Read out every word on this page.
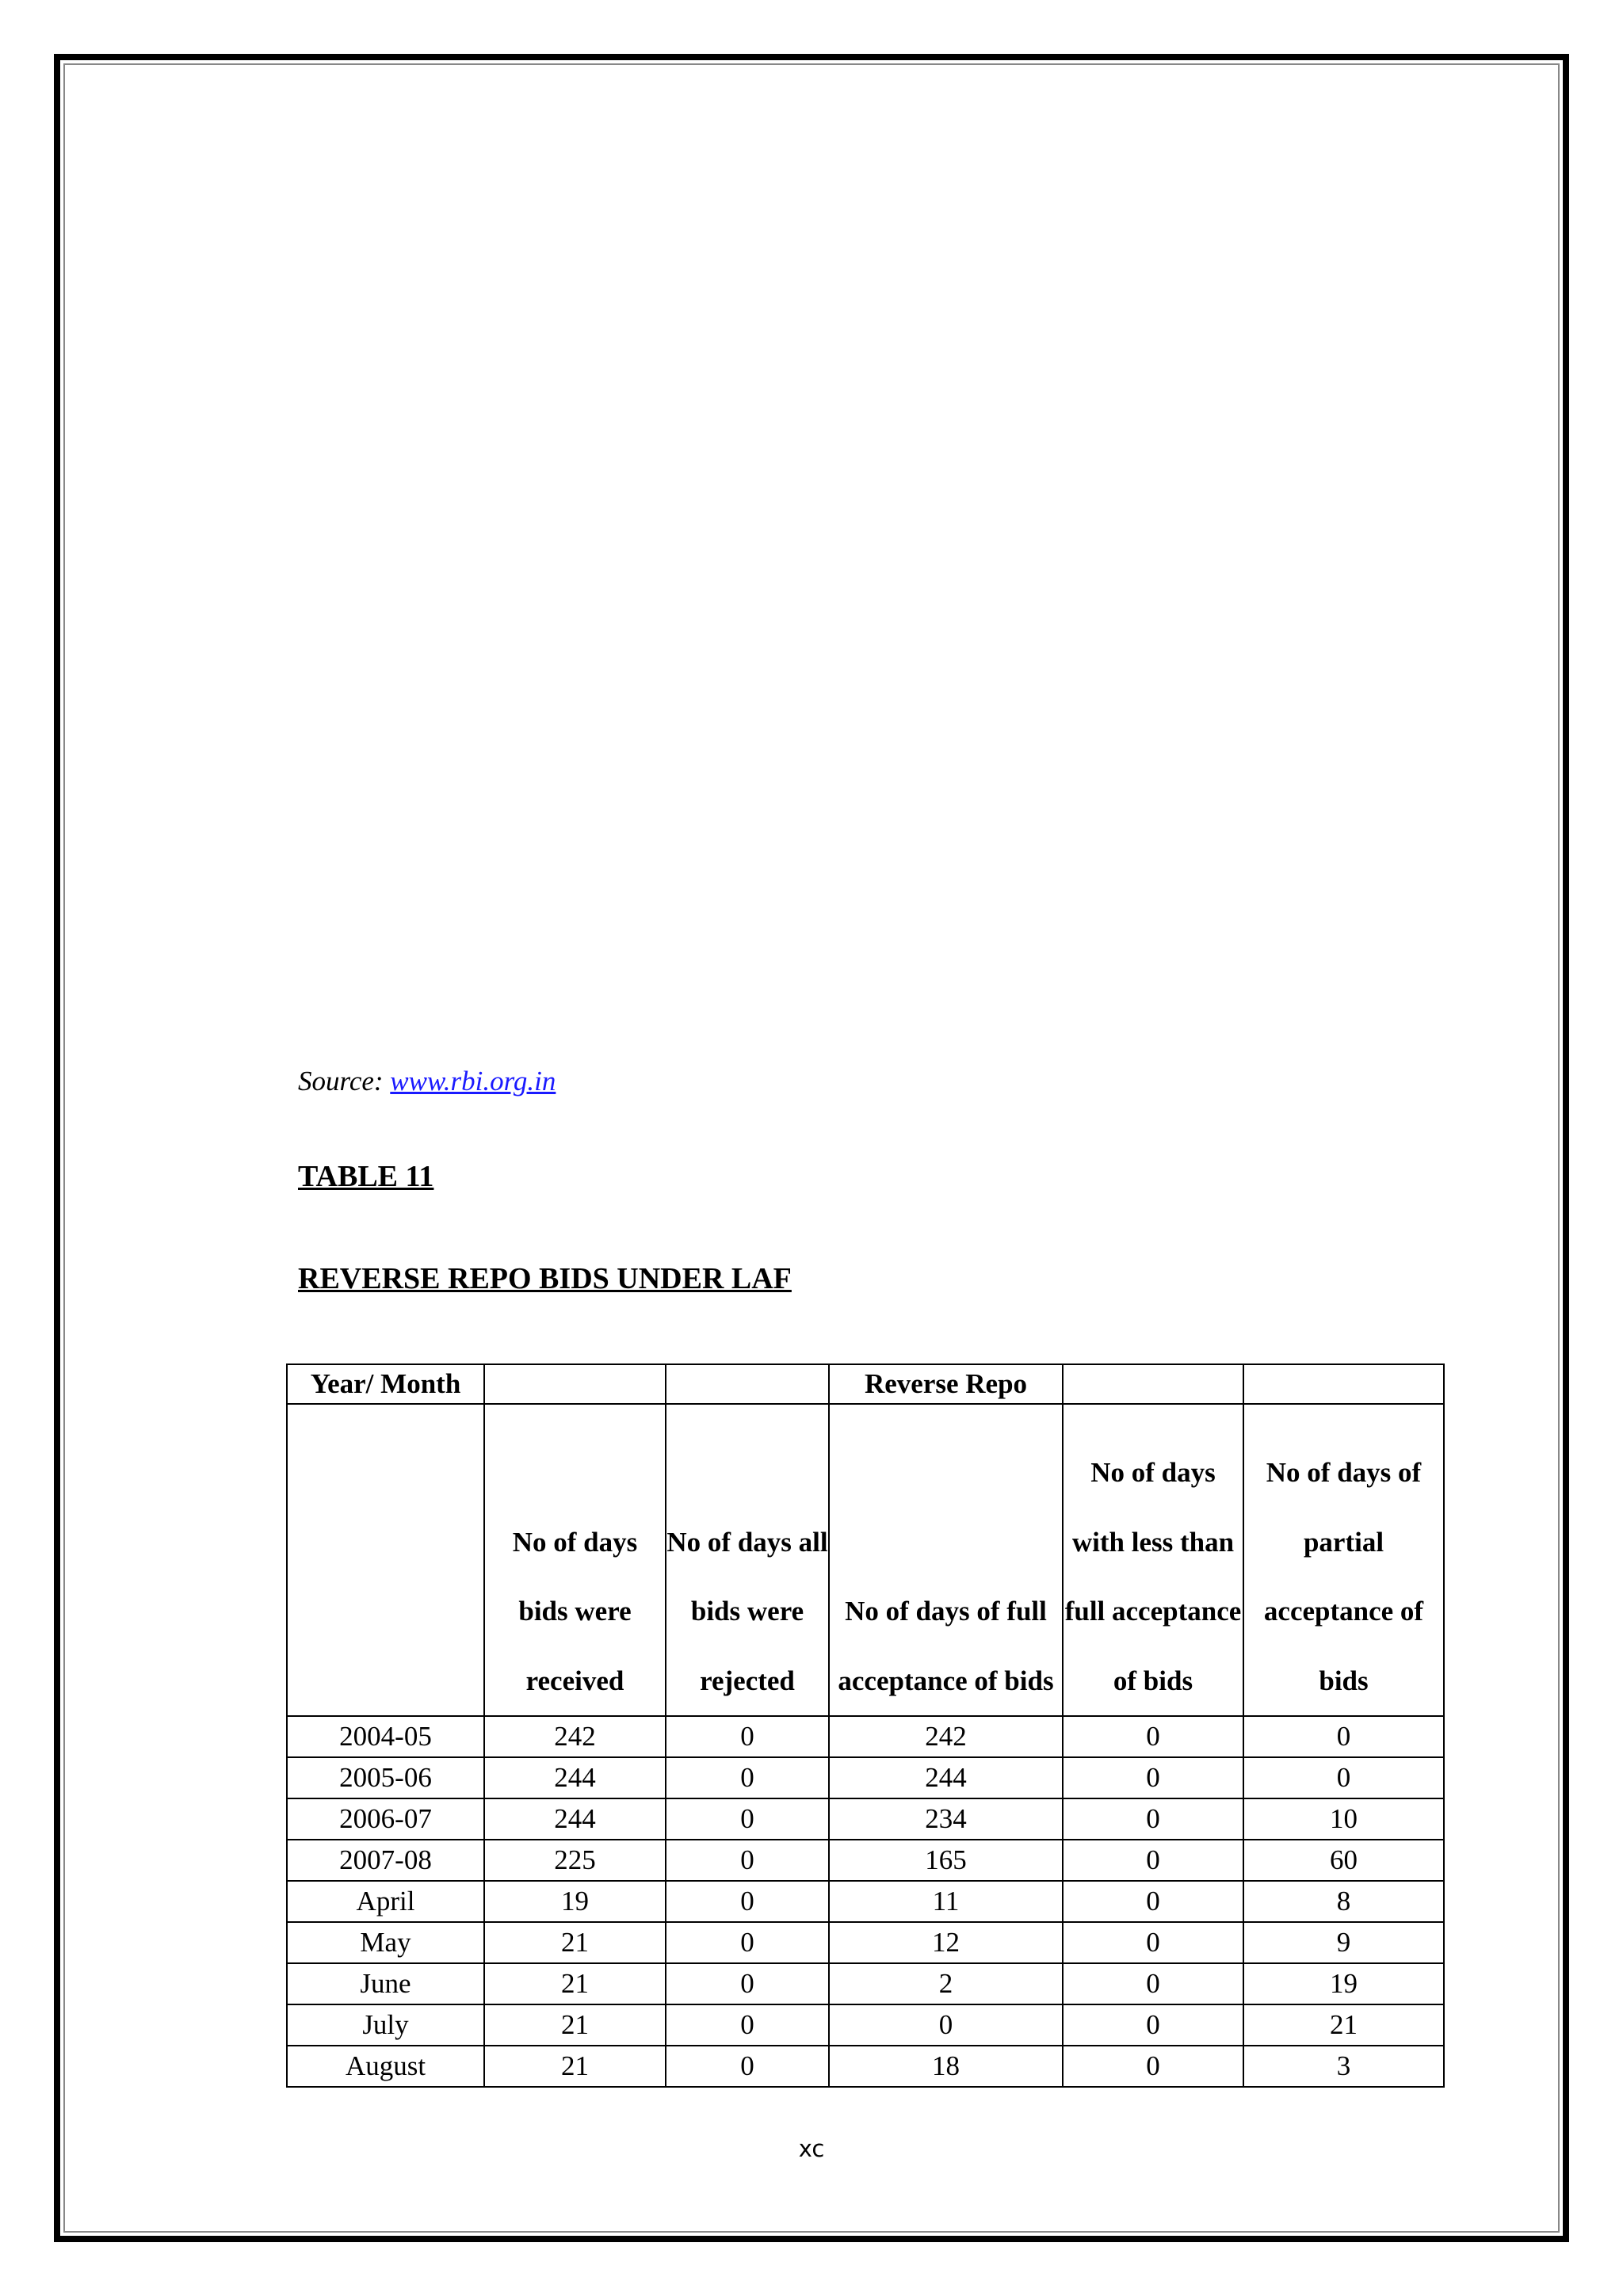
Source: www.rbi.org.in
TABLE 11
REVERSE REPO BIDS UNDER LAF
Year/ Month			Reverse Repo		
	No of days bids were received	No of days all bids were rejected	No of days of full acceptance of bids	No of days with less than full acceptance of bids	No of days of partial acceptance of bids
2004-05	242	0	242	0	0
2005-06	244	0	244	0	0
2006-07	244	0	234	0	10
2007-08	225	0	165	0	60
April	19	0	11	0	8
May	21	0	12	0	9
June	21	0	2	0	19
July	21	0	0	0	21
August	21	0	18	0	3
xc
